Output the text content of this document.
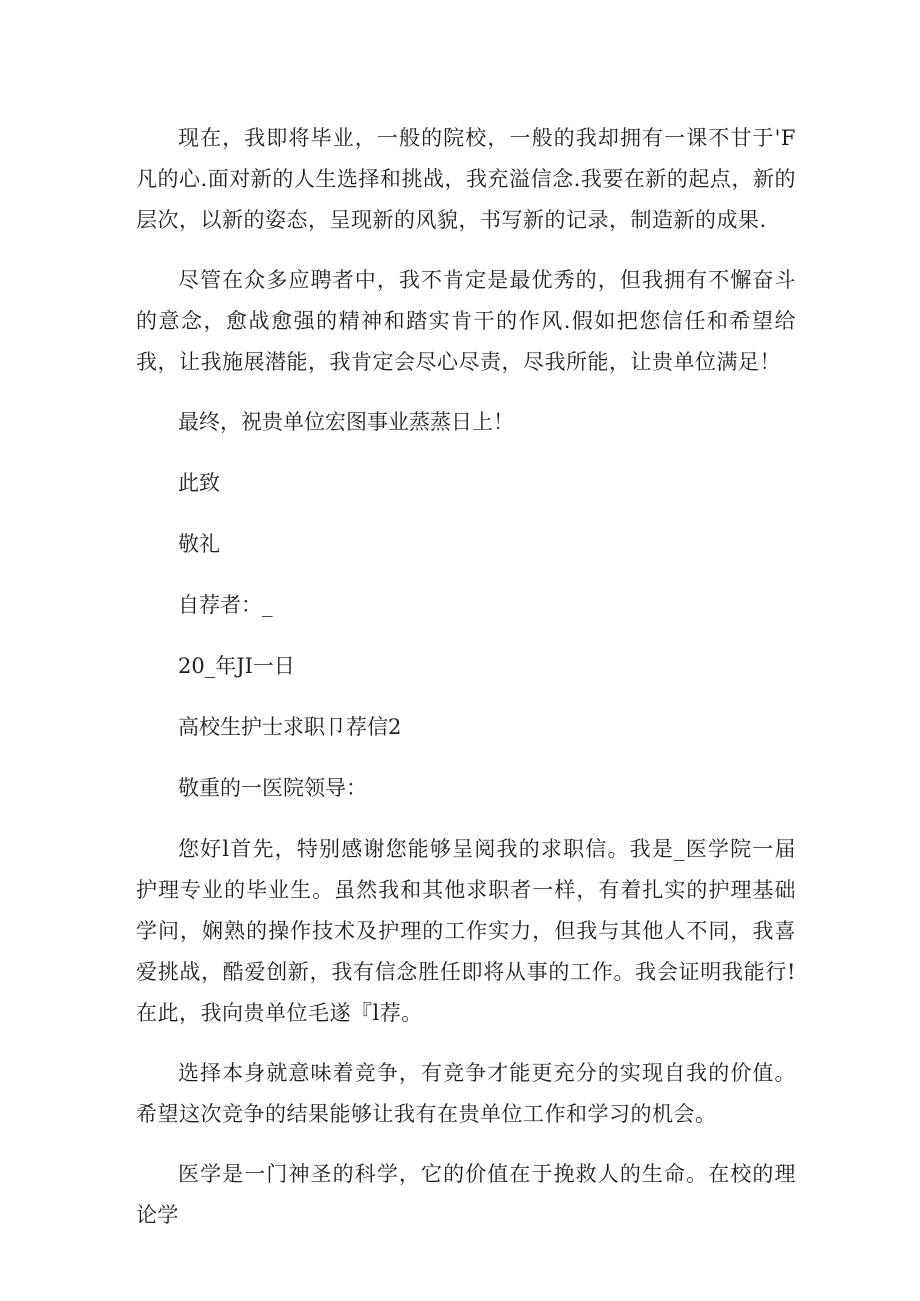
现在，我即将毕业，一般的院校，一般的我却拥有一课不甘于'F凡的心.面对新的人生选择和挑战，我充溢信念.我要在新的起点，新的层次，以新的姿态，呈现新的风貌，书写新的记录，制造新的成果.

尽管在众多应聘者中，我不肯定是最优秀的，但我拥有不懈奋斗的意念，愈战愈强的精神和踏实肯干的作风.假如把您信任和希望给我，让我施展潜能，我肯定会尽心尽责，尽我所能，让贵单位满足！

最终，祝贵单位宏图事业蒸蒸日上！
此致
敬礼
自荐者：_
20_年JI一日
高校生护士求职卩荐信2
敬重的一医院领导：

您好l首先，特别感谢您能够呈阅我的求职信。我是_医学院一届护理专业的毕业生。虽然我和其他求职者一样，有着扎实的护理基础学问，娴熟的操作技术及护理的工作实力，但我与其他人不同，我喜爱挑战，酷爱创新，我有信念胜任即将从事的工作。我会证明我能行!在此，我向贵单位毛遂『l荐。

选择本身就意味着竞争，有竞争才能更充分的实现自我的价值。希望这次竞争的结果能够让我有在贵单位工作和学习的机会。

医学是一门神圣的科学，它的价值在于挽救人的生命。在校的理论学
